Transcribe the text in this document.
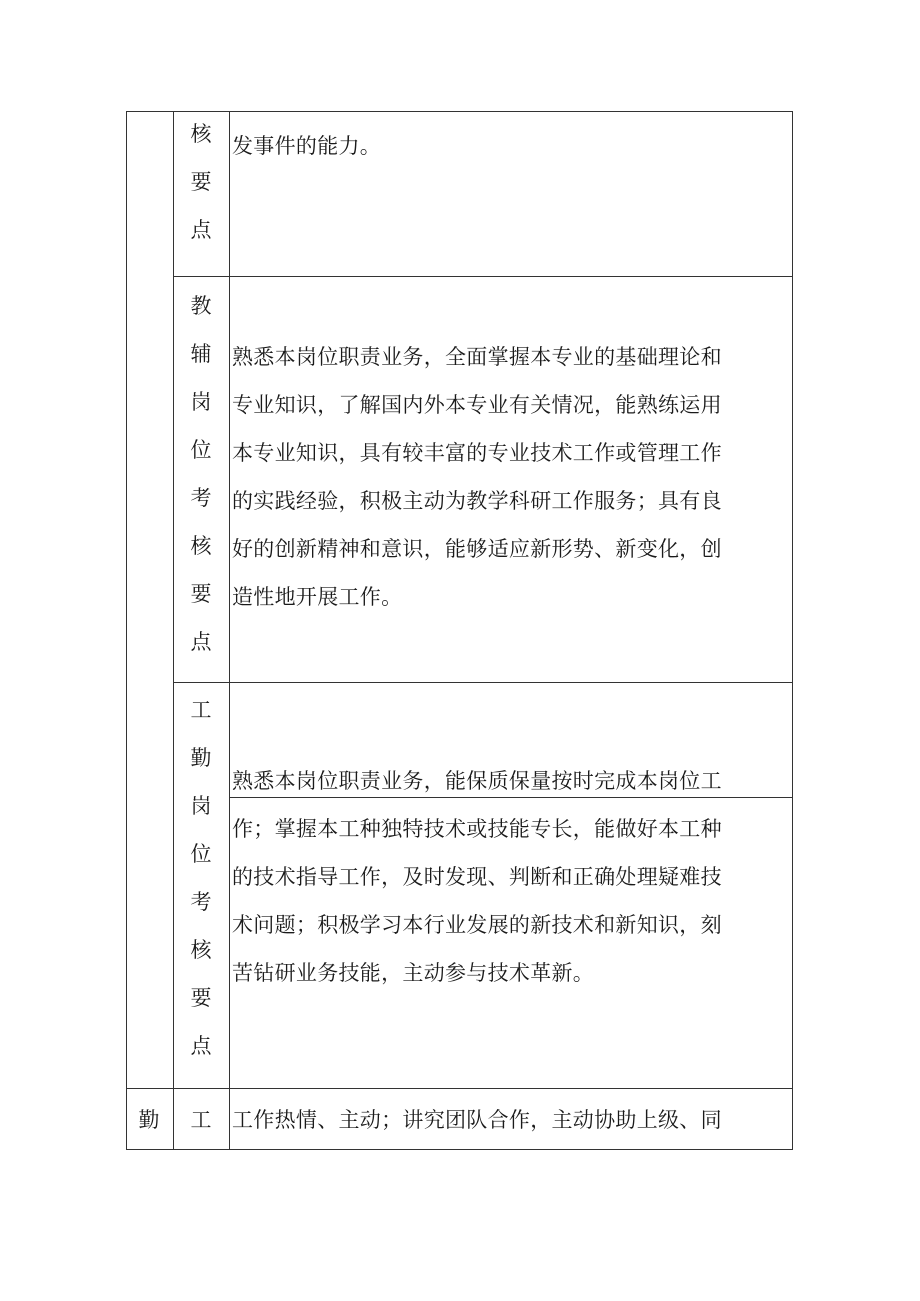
核
要
点
发事件的能力。
教
辅
岗
位
考
核
要
点
熟悉本岗位职责业务，全面掌握本专业的基础理论和
专业知识，了解国内外本专业有关情况，能熟练运用
本专业知识，具有较丰富的专业技术工作或管理工作
的实践经验，积极主动为教学科研工作服务；具有良
好的创新精神和意识，能够适应新形势、新变化，创
造性地开展工作。
工
勤
岗
位
考
核
要
点
熟悉本岗位职责业务，能保质保量按时完成本岗位工
作；掌握本工种独特技术或技能专长，能做好本工种
的技术指导工作，及时发现、判断和正确处理疑难技
术问题；积极学习本行业发展的新技术和新知识，刻
苦钻研业务技能，主动参与技术革新。
勤	工 工作热情、主动；讲究团队合作，主动协助上级、同
